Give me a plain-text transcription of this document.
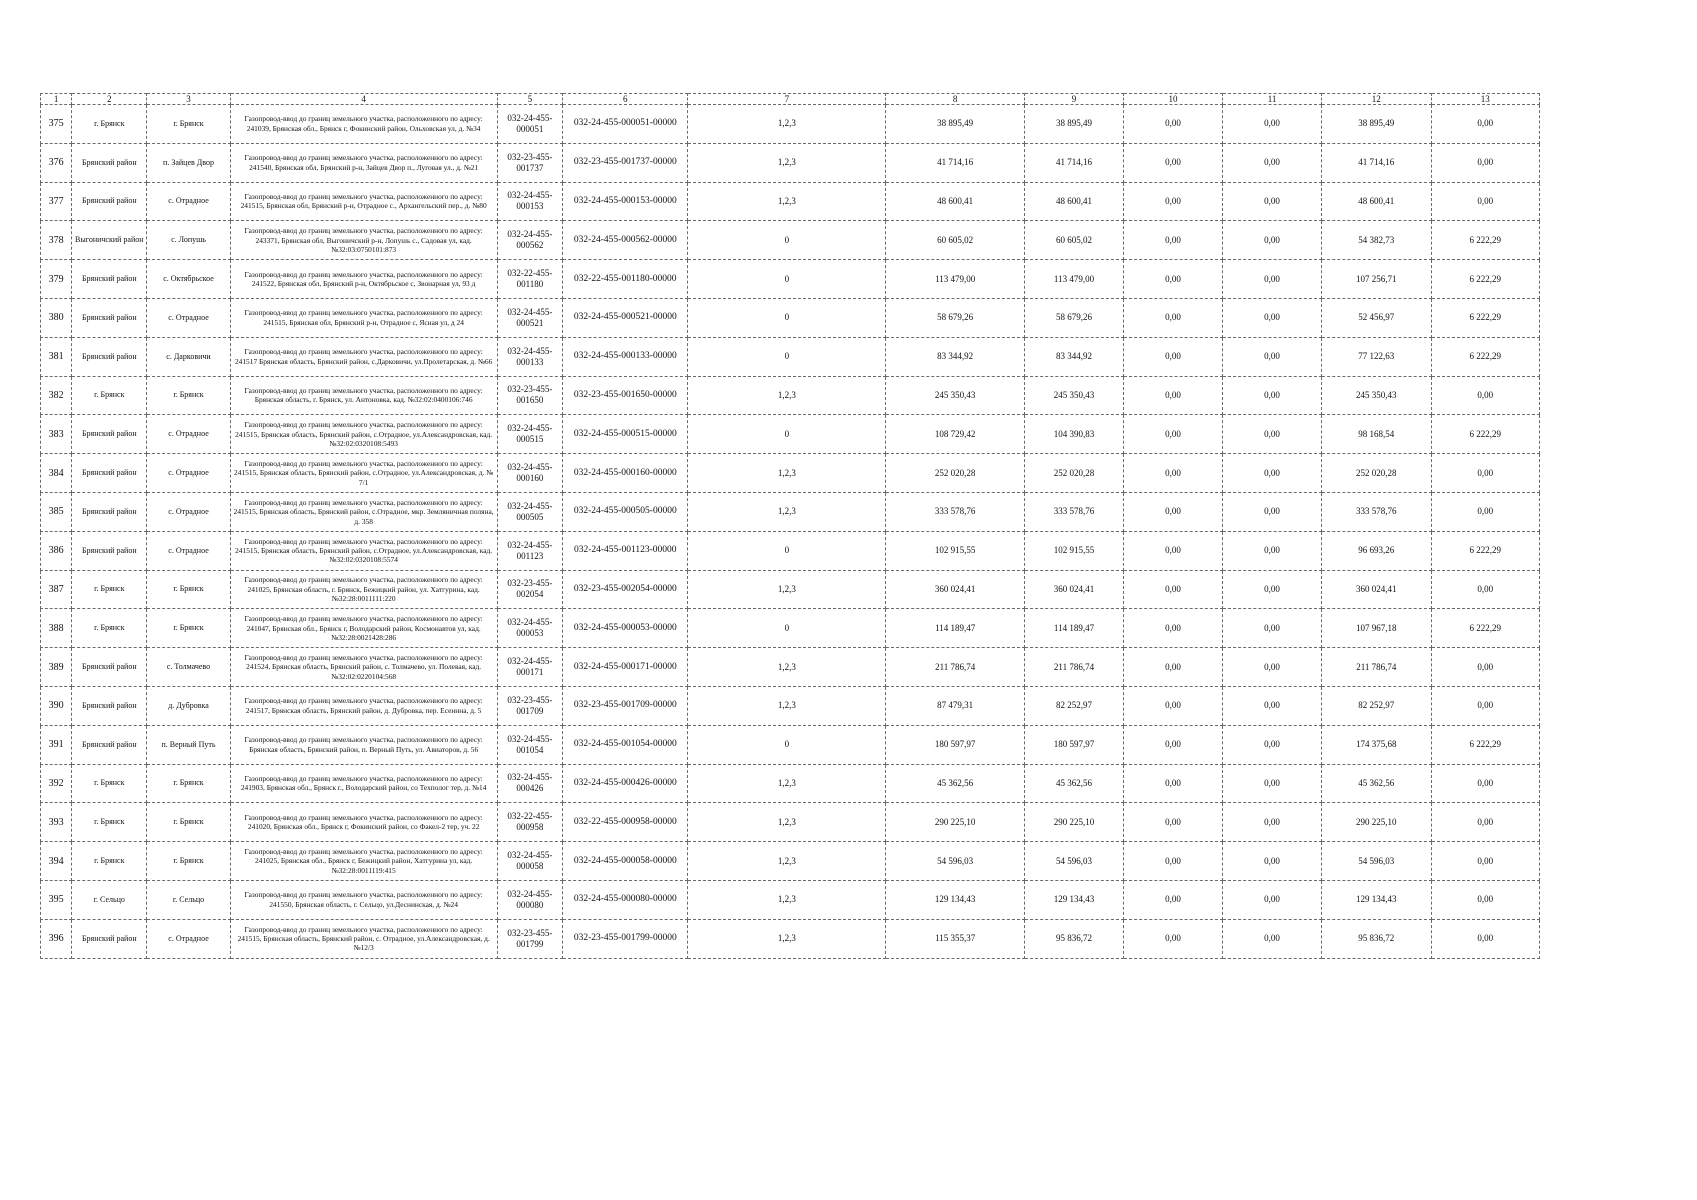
1	2	3	4	5	6	7	8	9	10	11	12	13
375	г. Брянск	г. Брянск	Газопровод-ввод до границ земельного участка, расположенного по адресу: 241039, Брянская обл., Брянск г, Фокинский район, Ольховская ул, д. №34	032-24-455-000051	032-24-455-000051-00000	1,2,3	38 895,49	38 895,49	0,00	0,00	38 895,49	0,00
376	Брянский район	п. Зайцев Двор	Газопровод-ввод до границ земельного участка, расположенного по адресу: 241540, Брянская обл, Брянский р-н, Зайцев Двор п., Луговая ул., д. №21	032-23-455-001737	032-23-455-001737-00000	1,2,3	41 714,16	41 714,16	0,00	0,00	41 714,16	0,00
377	Брянский район	с. Отрадное	Газопровод-ввод до границ земельного участка, расположенного по адресу: 241515, Брянская обл, Брянский р-н, Отрадное с., Архангельский пер., д. №80	032-24-455-000153	032-24-455-000153-00000	1,2,3	48 600,41	48 600,41	0,00	0,00	48 600,41	0,00
378	Выгоничский район	с. Лопушь	Газопровод-ввод до границ земельного участка, расположенного по адресу: 243371, Брянская обл, Выгоничский р-н, Лопушь с., Садовая ул, кад. №32:03:0750101:873	032-24-455-000562	032-24-455-000562-00000	0	60 605,02	60 605,02	0,00	0,00	54 382,73	6 222,29
379	Брянский район	с. Октябрьское	Газопровод-ввод до границ земельного участка, расположенного по адресу: 241522, Брянская обл, Брянский р-н, Октябрьское с, Звонарная ул, 93 д	032-22-455-001180	032-22-455-001180-00000	0	113 479,00	113 479,00	0,00	0,00	107 256,71	6 222,29
380	Брянский район	с. Отрадное	Газопровод-ввод до границ земельного участка, расположенного по адресу: 241515, Брянская обл, Брянский р-н, Отрадное с, Ясная ул, д 24	032-24-455-000521	032-24-455-000521-00000	0	58 679,26	58 679,26	0,00	0,00	52 456,97	6 222,29
381	Брянский район	с. Дарковичи	Газопровод-ввод до границ земельного участка, расположенного по адресу: 241517 Брянская область, Брянский район, с.Дарковичи, ул.Пролетарская, д. №66	032-24-455-000133	032-24-455-000133-00000	0	83 344,92	83 344,92	0,00	0,00	77 122,63	6 222,29
382	г. Брянск	г. Брянск	Газопровод-ввод до границ земельного участка, расположенного по адресу: Брянская область, г. Брянск, ул. Антоновка, кад. №32:02:0400106:746	032-23-455-001650	032-23-455-001650-00000	1,2,3	245 350,43	245 350,43	0,00	0,00	245 350,43	0,00
383	Брянский район	с. Отрадное	Газопровод-ввод до границ земельного участка, расположенного по адресу: 241515, Брянская область, Брянский район, с.Отрадное, ул.Александровская, кад. №32:02:0320108:5493	032-24-455-000515	032-24-455-000515-00000	0	108 729,42	104 390,83	0,00	0,00	98 168,54	6 222,29
384	Брянский район	с. Отрадное	Газопровод-ввод до границ земельного участка, расположенного по адресу: 241515, Брянская область, Брянский район, с.Отрадное, ул.Александровская, д. № 7/1	032-24-455-000160	032-24-455-000160-00000	1,2,3	252 020,28	252 020,28	0,00	0,00	252 020,28	0,00
385	Брянский район	с. Отрадное	Газопровод-ввод до границ земельного участка, расположенного по адресу: 241515, Брянская область, Брянский район, с.Отрадное, мкр. Земляничная поляна, д. 358	032-24-455-000505	032-24-455-000505-00000	1,2,3	333 578,76	333 578,76	0,00	0,00	333 578,76	0,00
386	Брянский район	с. Отрадное	Газопровод-ввод до границ земельного участка, расположенного по адресу: 241515, Брянская область, Брянский район, с.Отрадное, ул.Александровская, кад. №32:02:0320108:5574	032-24-455-001123	032-24-455-001123-00000	0	102 915,55	102 915,55	0,00	0,00	96 693,26	6 222,29
387	г. Брянск	г. Брянск	Газопровод-ввод до границ земельного участка, расположенного по адресу: 241025, Брянская область, г. Брянск, Бежицкий район, ул. Хатгурина, кад. №32:28:0011111:220	032-23-455-002054	032-23-455-002054-00000	1,2,3	360 024,41	360 024,41	0,00	0,00	360 024,41	0,00
388	г. Брянск	г. Брянск	Газопровод-ввод до границ земельного участка, расположенного по адресу: 241047, Брянская обл., Брянск г, Володарский район, Космонавтов ул, кад. №32:28:0021428:286	032-24-455-000053	032-24-455-000053-00000	0	114 189,47	114 189,47	0,00	0,00	107 967,18	6 222,29
389	Брянский район	с. Толмачево	Газопровод-ввод до границ земельного участка, расположенного по адресу: 241524, Брянская область, Брянский район, с. Толмачево, ул. Полевая, кад. №32:02:0220104:568	032-24-455-000171	032-24-455-000171-00000	1,2,3	211 786,74	211 786,74	0,00	0,00	211 786,74	0,00
390	Брянский район	д. Дубровка	Газопровод-ввод до границ земельного участка, расположенного по адресу: 241517, Брянская область, Брянский район, д. Дубровка, пер. Есенина, д. 5	032-23-455-001709	032-23-455-001709-00000	1,2,3	87 479,31	82 252,97	0,00	0,00	82 252,97	0,00
391	Брянский район	п. Верный Путь	Газопровод-ввод до границ земельного участка, расположенного по адресу: Брянская область, Брянский район, п. Верный Путь, ул. Авиаторов, д. 56	032-24-455-001054	032-24-455-001054-00000	0	180 597,97	180 597,97	0,00	0,00	174 375,68	6 222,29
392	г. Брянск	г. Брянск	Газопровод-ввод до границ земельного участка, расположенного по адресу: 241903, Брянская обл., Брянск г., Володарский район, со Техполог тер, д. №14	032-24-455-000426	032-24-455-000426-00000	1,2,3	45 362,56	45 362,56	0,00	0,00	45 362,56	0,00
393	г. Брянск	г. Брянск	Газопровод-ввод до границ земельного участка, расположенного по адресу: 241020, Брянская обл., Брянск г, Фокинский район, со Факел-2 тер, уч. 22	032-22-455-000958	032-22-455-000958-00000	1,2,3	290 225,10	290 225,10	0,00	0,00	290 225,10	0,00
394	г. Брянск	г. Брянск	Газопровод-ввод до границ земельного участка, расположенного по адресу: 241025, Брянская обл., Брянск г, Бежицкий район, Хатгурина ул, кад. №32:28:0011119:415	032-24-455-000058	032-24-455-000058-00000	1,2,3	54 596,03	54 596,03	0,00	0,00	54 596,03	0,00
395	г. Сельцо	г. Сельцо	Газопровод-ввод до границ земельного участка, расположенного по адресу: 241550, Брянская область, г. Сельцо, ул.Деснинская, д. №24	032-24-455-000080	032-24-455-000080-00000	1,2,3	129 134,43	129 134,43	0,00	0,00	129 134,43	0,00
396	Брянский район	с. Отрадное	Газопровод-ввод до границ земельного участка, расположенного по адресу: 241515, Брянская область, Брянский район, с. Отрадное, ул.Александровская, д. №12/3	032-23-455-001799	032-23-455-001799-00000	1,2,3	115 355,37	95 836,72	0,00	0,00	95 836,72	0,00
